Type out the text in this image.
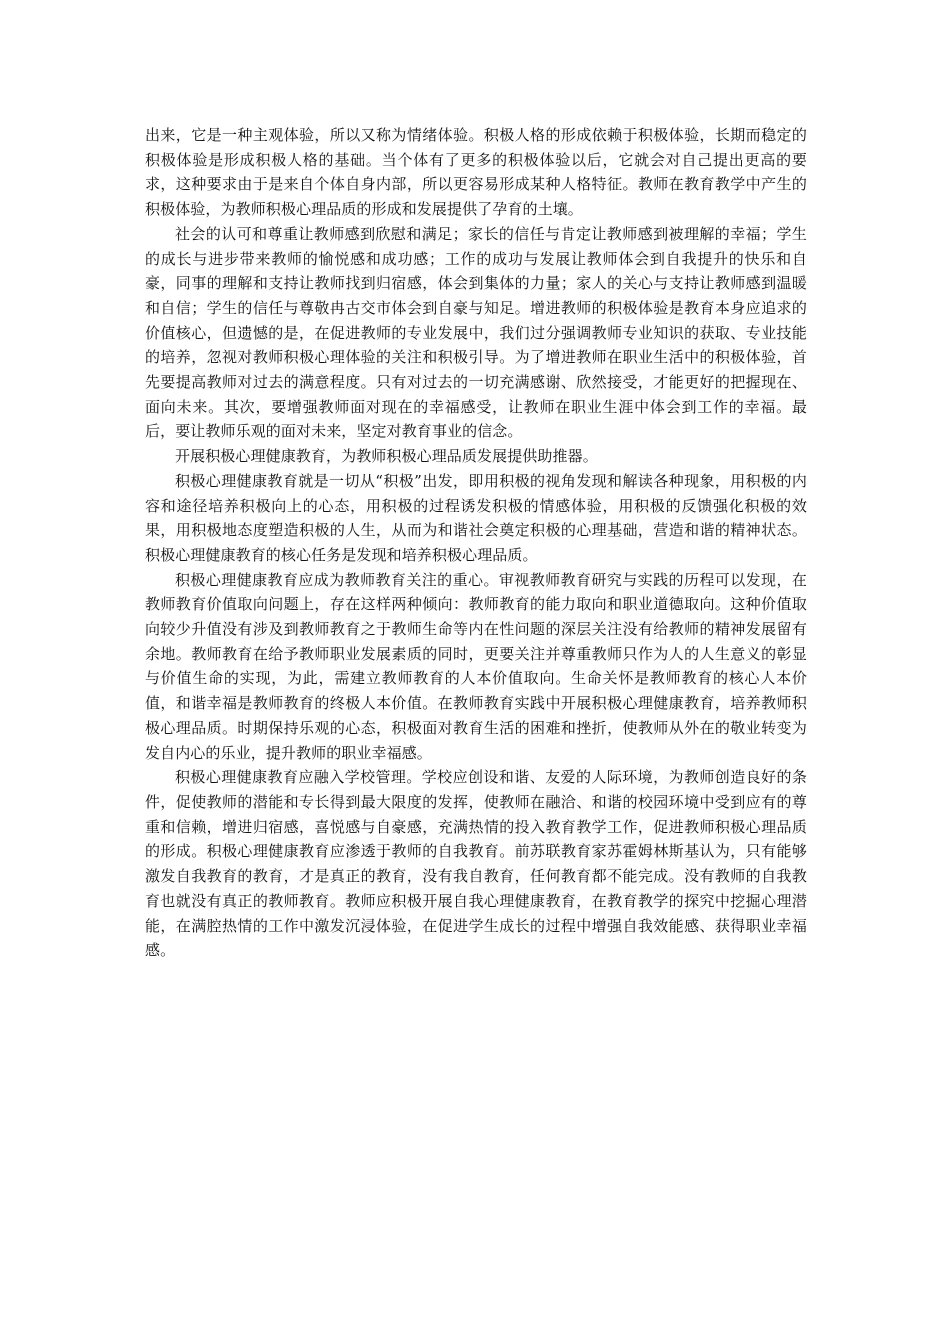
出来，它是一种主观体验，所以又称为情绪体验。积极人格的形成依赖于积极体验，长期而稳定的积极体验是形成积极人格的基础。当个体有了更多的积极体验以后，它就会对自己提出更高的要求，这种要求由于是来自个体自身内部，所以更容易形成某种人格特征。教师在教育教学中产生的积极体验，为教师积极心理品质的形成和发展提供了孕育的土壤。

社会的认可和尊重让教师感到欣慰和满足；家长的信任与肯定让教师感到被理解的幸福；学生的成长与进步带来教师的愉悦感和成功感；工作的成功与发展让教师体会到自我提升的快乐和自豪，同事的理解和支持让教师找到归宿感，体会到集体的力量；家人的关心与支持让教师感到温暖和自信；学生的信任与尊敬冉古交市体会到自豪与知足。增进教师的积极体验是教育本身应追求的价值核心，但遗憾的是，在促进教师的专业发展中，我们过分强调教师专业知识的获取、专业技能的培养，忽视对教师积极心理体验的关注和积极引导。为了增进教师在职业生活中的积极体验，首先要提高教师对过去的满意程度。只有对过去的一切充满感谢、欣然接受，才能更好的把握现在、面向未来。其次，要增强教师面对现在的幸福感受，让教师在职业生涯中体会到工作的幸福。最后，要让教师乐观的面对未来，坚定对教育事业的信念。

开展积极心理健康教育，为教师积极心理品质发展提供助推器。

积极心理健康教育就是一切从“积极”出发，即用积极的视角发现和解读各种现象，用积极的内容和途径培养积极向上的心态，用积极的过程诱发积极的情感体验，用积极的反馈强化积极的效果，用积极地态度塑造积极的人生，从而为和谐社会奠定积极的心理基础，营造和谐的精神状态。积极心理健康教育的核心任务是发现和培养积极心理品质。

积极心理健康教育应成为教师教育关注的重心。审视教师教育研究与实践的历程可以发现，在教师教育价值取向问题上，存在这样两种倾向：教师教育的能力取向和职业道德取向。这种价值取向较少升值没有涉及到教师教育之于教师生命等内在性问题的深层关注没有给教师的精神发展留有余地。教师教育在给予教师职业发展素质的同时，更要关注并尊重教师只作为人的人生意义的彰显与价值生命的实现，为此，需建立教师教育的人本价值取向。生命关怀是教师教育的核心人本价值，和谐幸福是教师教育的终极人本价值。在教师教育实践中开展积极心理健康教育，培养教师积极心理品质。时期保持乐观的心态，积极面对教育生活的困难和挫折，使教师从外在的敬业转变为发自内心的乐业，提升教师的职业幸福感。

积极心理健康教育应融入学校管理。学校应创设和谐、友爱的人际环境，为教师创造良好的条件，促使教师的潜能和专长得到最大限度的发挥，使教师在融洽、和谐的校园环境中受到应有的尊重和信赖，增进归宿感，喜悦感与自豪感，充满热情的投入教育教学工作，促进教师积极心理品质的形成。积极心理健康教育应渗透于教师的自我教育。前苏联教育家苏霍姆林斯基认为，只有能够激发自我教育的教育，才是真正的教育，没有我自教育，任何教育都不能完成。没有教师的自我教育也就没有真正的教师教育。教师应积极开展自我心理健康教育，在教育教学的探究中挖掘心理潜能，在满腔热情的工作中激发沉浸体验，在促进学生成长的过程中增强自我效能感、获得职业幸福感。
